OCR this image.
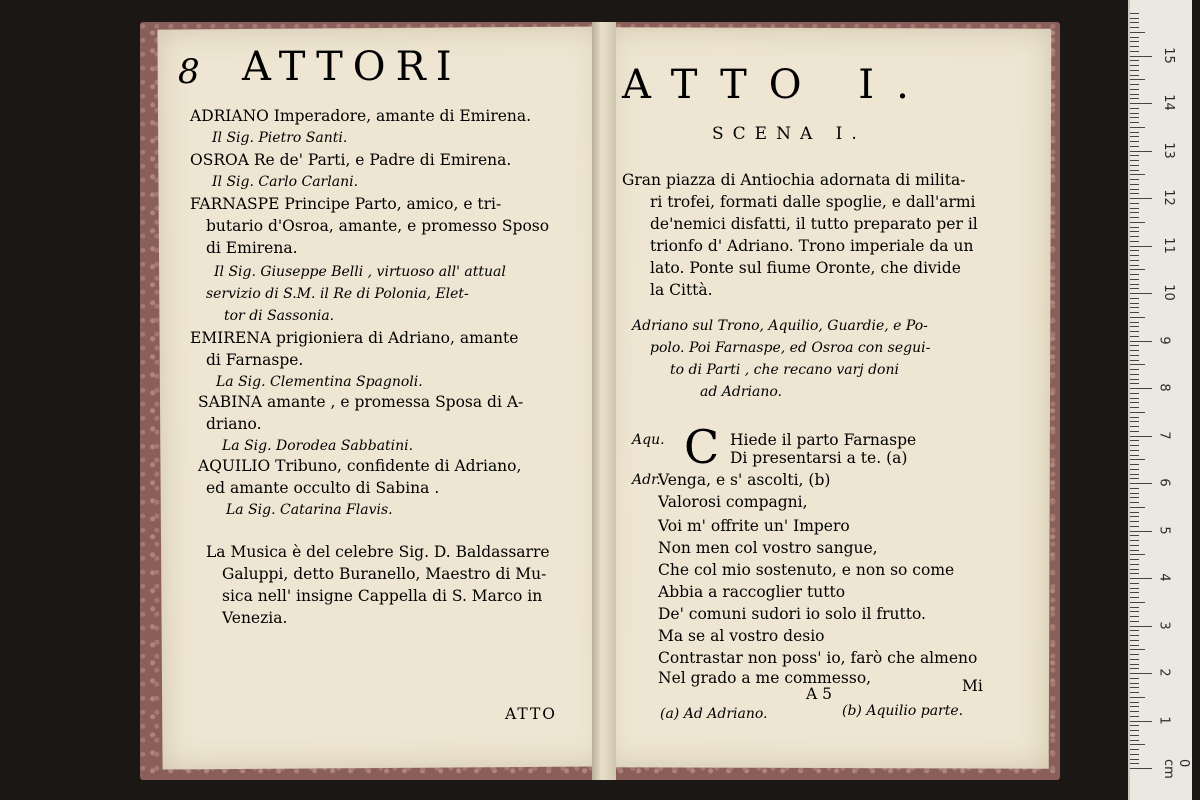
8 ATTORI
ADRIANO Imperadore, amante di Emirena.
Il Sig. Pietro Santi.
OSROA Re de' Parti, e Padre di Emirena.
Il Sig. Carlo Carlani.
FARNASPE Principe Parto, amico, e tri-
butario d'Osroa, amante, e promesso Sposo
di Emirena.
Il Sig. Giuseppe Belli , virtuoso all' attual
servizio di S.M. il Re di Polonia, Elet-
tor di Sassonia.
EMIRENA prigioniera di Adriano, amante
di Farnaspe.
La Sig. Clementina Spagnoli.
SABINA amante , e promessa Sposa di A-
driano.
La Sig. Dorodea Sabbatini.
AQUILIO Tribuno, confidente di Adriano,
ed amante occulto di Sabina .
La Sig. Catarina Flavis.
La Musica è del celebre Sig. D. Baldassarre
Galuppi, detto Buranello, Maestro di Mu-
sica nell' insigne Cappella di S. Marco in
Venezia.
ATTO
ATTO I.
SCENA I.
Gran piazza di Antiochia adornata di milita-
ri trofei, formati dalle spoglie, e dall'armi
de'nemici disfatti, il tutto preparato per il
trionfo d' Adriano. Trono imperiale da un
lato. Ponte sul fiume Oronte, che divide
la Città.
Adriano sul Trono, Aquilio, Guardie, e Po-
polo. Poi Farnaspe, ed Osroa con segui-
to di Parti , che recano varj doni
ad Adriano.
Aqu. C Hiede il parto Farnaspe
Di presentarsi a te. (a)
Adr.
Venga, e s' ascolti, (b)
Valorosi compagni,
Voi m' offrite un' Impero
Non men col vostro sangue,
Che col mio sostenuto, e non so come
Abbia a raccoglier tutto
De' comuni sudori io solo il frutto.
Ma se al vostro desio
Contrastar non poss' io, farò che almeno
Nel grado a me commesso,
A 5	Mi
(a) Ad Adriano.	(b) Aquilio parte.
0 cm
1
2
3
4
5
6
7
8
9
10
11
12
13
14
15
